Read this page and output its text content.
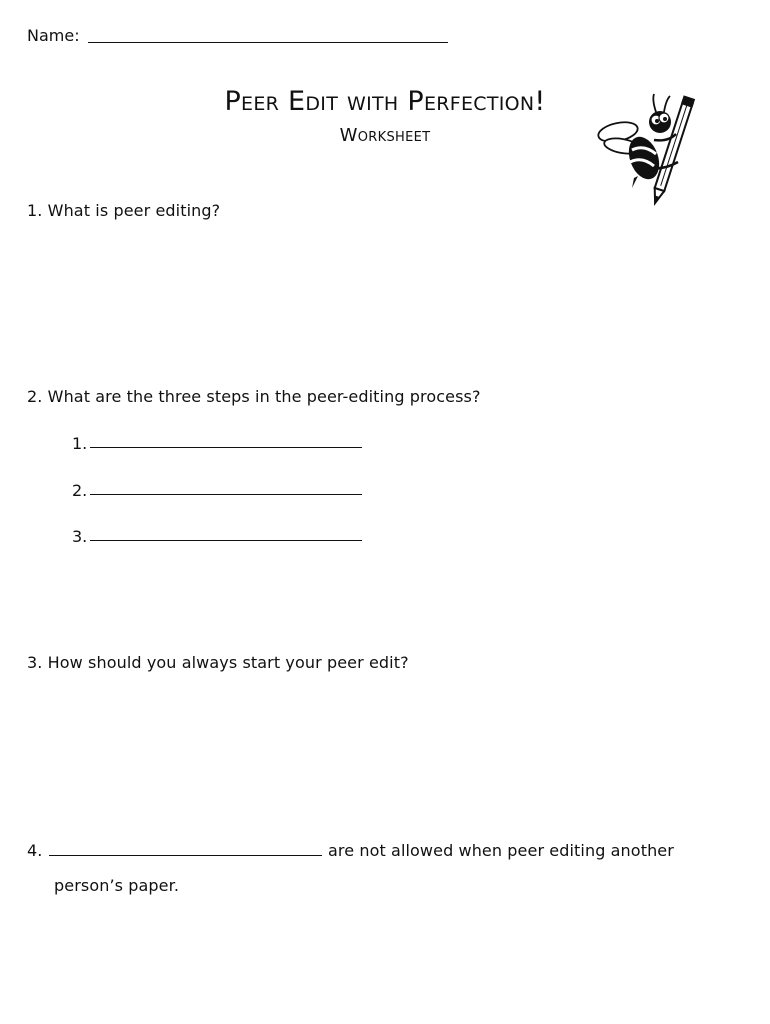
Name:
Peer Edit with Perfection!
Worksheet
1. What is peer editing?
2. What are the three steps in the peer-editing process?
1.
2.
3.
3. How should you always start your peer edit?
4.	are not allowed when peer editing another
person’s paper.
